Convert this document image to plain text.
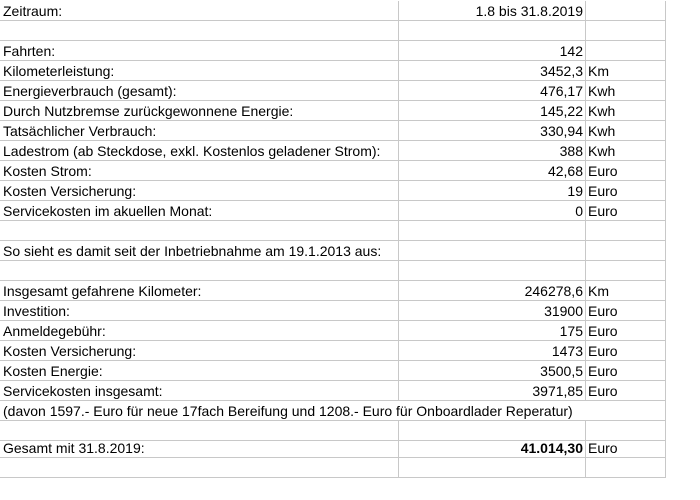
Zeitraum:	1.8 bis 31.8.2019
Fahrten:	142
Kilometerleistung:	3452,3 Km
Energieverbrauch (gesamt):	476,17 Kwh
Durch Nutzbremse zurückgewonnene Energie:	145,22 Kwh
Tatsächlicher Verbrauch:	330,94 Kwh
Ladestrom (ab Steckdose, exkl. Kostenlos geladener Strom):	388 Kwh
Kosten Strom:	42,68 Euro
Kosten Versicherung:	19 Euro
Servicekosten im akuellen Monat:	0 Euro
So sieht es damit seit der Inbetriebnahme am 19.1.2013 aus:
Insgesamt gefahrene Kilometer:	246278,6 Km
Investition:	31900 Euro
Anmeldegebühr:	175 Euro
Kosten Versicherung:	1473 Euro
Kosten Energie:	3500,5 Euro
Servicekosten insgesamt:	3971,85 Euro
(davon 1597.- Euro für neue 17fach Bereifung und 1208.- Euro für Onboardlader Reperatur)
Gesamt mit 31.8.2019:	41.014,30 Euro
